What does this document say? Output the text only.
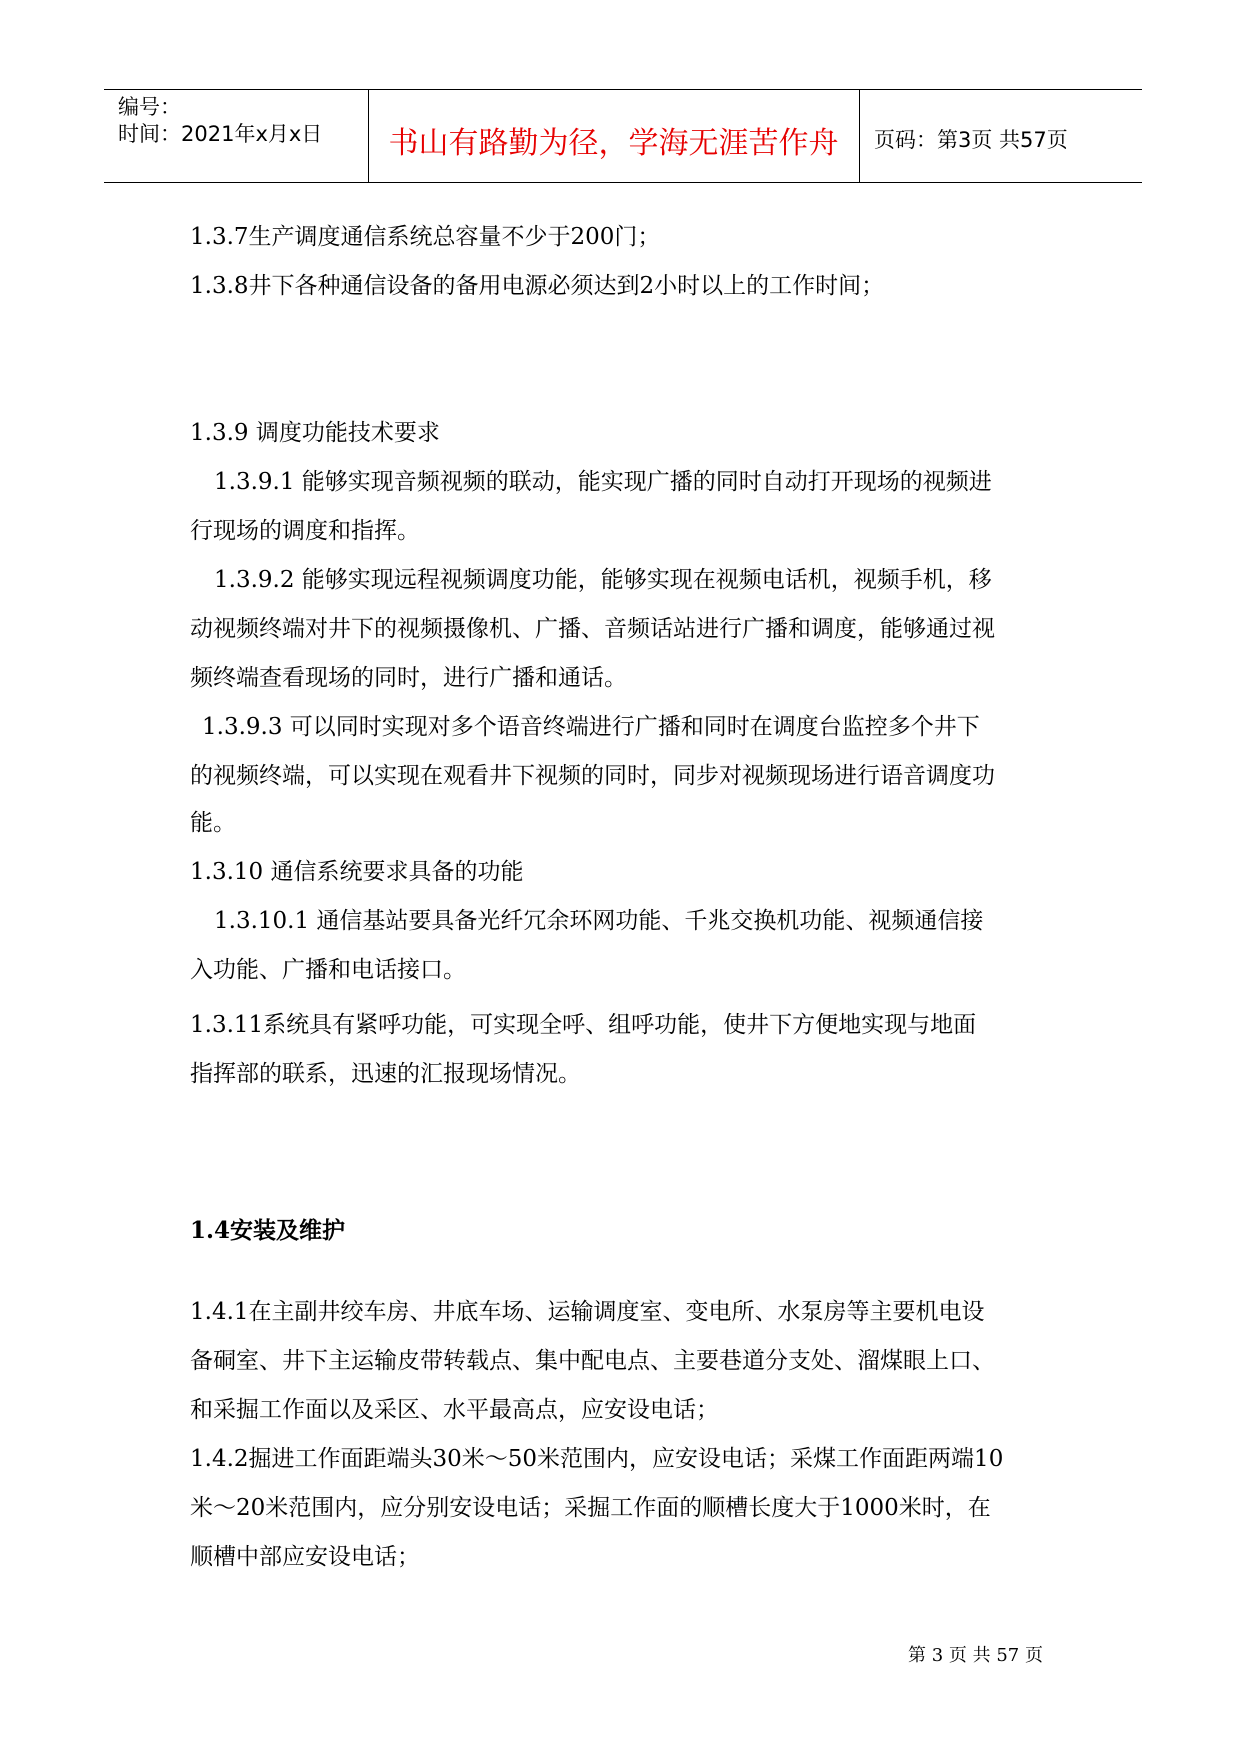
编号：
时间：2021年x月x日	书山有路勤为径，学海无涯苦作舟	页码：第3页 共57页
1.3.7生产调度通信系统总容量不少于200门；
1.3.8井下各种通信设备的备用电源必须达到2小时以上的工作时间；
1.3.9 调度功能技术要求
1.3.9.1 能够实现音频视频的联动，能实现广播的同时自动打开现场的视频进
行现场的调度和指挥。
1.3.9.2 能够实现远程视频调度功能，能够实现在视频电话机，视频手机，移
动视频终端对井下的视频摄像机、广播、音频话站进行广播和调度，能够通过视
频终端查看现场的同时，进行广播和通话。
1.3.9.3 可以同时实现对多个语音终端进行广播和同时在调度台监控多个井下
的视频终端，可以实现在观看井下视频的同时，同步对视频现场进行语音调度功
能。
1.3.10 通信系统要求具备的功能
1.3.10.1 通信基站要具备光纤冗余环网功能、千兆交换机功能、视频通信接
入功能、广播和电话接口。
1.3.11系统具有紧呼功能，可实现全呼、组呼功能，使井下方便地实现与地面
指挥部的联系，迅速的汇报现场情况。
1.4安装及维护
1.4.1在主副井绞车房、井底车场、运输调度室、变电所、水泵房等主要机电设
备硐室、井下主运输皮带转载点、集中配电点、主要巷道分支处、溜煤眼上口、
和采掘工作面以及采区、水平最高点，应安设电话；
1.4.2掘进工作面距端头30米～50米范围内，应安设电话；采煤工作面距两端10
米～20米范围内，应分别安设电话；采掘工作面的顺槽长度大于1000米时，在
顺槽中部应安设电话；
第 3 页 共 57 页
